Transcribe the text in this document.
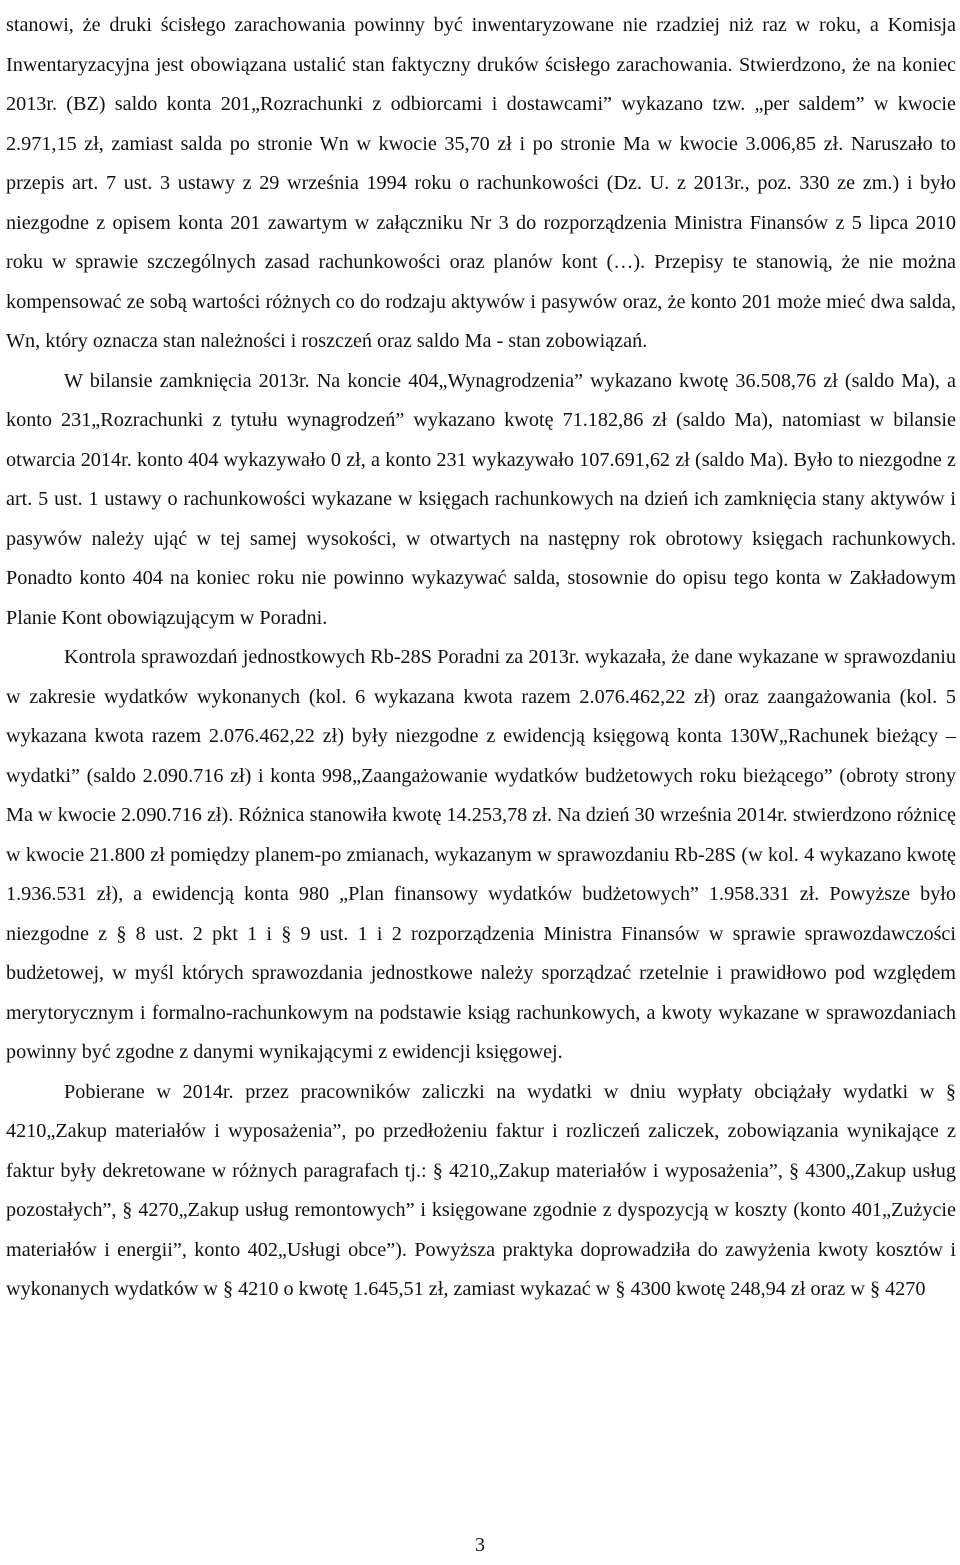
stanowi, że druki ścisłego zarachowania powinny być inwentaryzowane nie rzadziej niż raz w roku, a Komisja Inwentaryzacyjna jest obowiązana ustalić stan faktyczny druków ścisłego zarachowania. Stwierdzono, że na koniec 2013r. (BZ) saldo konta 201„Rozrachunki z odbiorcami i dostawcami” wykazano tzw. „per saldem” w kwocie 2.971,15 zł, zamiast salda po stronie Wn w kwocie 35,70 zł i po stronie Ma w kwocie 3.006,85 zł. Naruszało to przepis art. 7 ust. 3 ustawy z 29 września 1994 roku o rachunkowości (Dz. U. z 2013r., poz. 330 ze zm.) i było niezgodne z opisem konta 201 zawartym w załączniku Nr 3 do rozporządzenia Ministra Finansów z 5 lipca 2010 roku w sprawie szczególnych zasad rachunkowości oraz planów kont (…). Przepisy te stanowią, że nie można kompensować ze sobą wartości różnych co do rodzaju aktywów i pasywów oraz, że konto 201 może mieć dwa salda, Wn, który oznacza stan należności i roszczeń oraz saldo Ma - stan zobowiązań.

W bilansie zamknięcia 2013r. Na koncie 404„Wynagrodzenia” wykazano kwotę 36.508,76 zł (saldo Ma), a konto 231„Rozrachunki z tytułu wynagrodzeń” wykazano kwotę 71.182,86 zł (saldo Ma), natomiast w bilansie otwarcia 2014r. konto 404 wykazywało 0 zł, a konto 231 wykazywało 107.691,62 zł (saldo Ma). Było to niezgodne z art. 5 ust. 1 ustawy o rachunkowości wykazane w księgach rachunkowych na dzień ich zamknięcia stany aktywów i pasywów należy ująć w tej samej wysokości, w otwartych na następny rok obrotowy księgach rachunkowych. Ponadto konto 404 na koniec roku nie powinno wykazywać salda, stosownie do opisu tego konta w Zakładowym Planie Kont obowiązującym w Poradni.

Kontrola sprawozdań jednostkowych Rb-28S Poradni za 2013r. wykazała, że dane wykazane w sprawozdaniu w zakresie wydatków wykonanych (kol. 6 wykazana kwota razem 2.076.462,22 zł) oraz zaangażowania (kol. 5 wykazana kwota razem 2.076.462,22 zł) były niezgodne z ewidencją księgową konta 130W„Rachunek bieżący –wydatki” (saldo 2.090.716 zł) i konta 998„Zaangażowanie wydatków budżetowych roku bieżącego” (obroty strony Ma w kwocie 2.090.716 zł). Różnica stanowiła kwotę 14.253,78 zł. Na dzień 30 września 2014r. stwierdzono różnicę w kwocie 21.800 zł pomiędzy planem-po zmianach, wykazanym w sprawozdaniu Rb-28S (w kol. 4 wykazano kwotę 1.936.531 zł), a ewidencją konta 980 „Plan finansowy wydatków budżetowych” 1.958.331 zł. Powyższe było niezgodne z § 8 ust. 2 pkt 1 i § 9 ust. 1 i 2 rozporządzenia Ministra Finansów w sprawie sprawozdawczości budżetowej, w myśl których sprawozdania jednostkowe należy sporządzać rzetelnie i prawidłowo pod względem merytorycznym i formalno-rachunkowym na podstawie ksiąg rachunkowych, a kwoty wykazane w sprawozdaniach powinny być zgodne z danymi wynikającymi z ewidencji księgowej.

Pobierane w 2014r. przez pracowników zaliczki na wydatki w dniu wypłaty obciążały wydatki w § 4210„Zakup materiałów i wyposażenia”, po przedłożeniu faktur i rozliczeń zaliczek, zobowiązania wynikające z faktur były dekretowane w różnych paragrafach tj.: § 4210„Zakup materiałów i wyposażenia”, § 4300„Zakup usług pozostałych”, § 4270„Zakup usług remontowych” i księgowane zgodnie z dyspozycją w koszty (konto 401„Zużycie materiałów i energii”, konto 402„Usługi obce”). Powyższa praktyka doprowadziła do zawyżenia kwoty kosztów i wykonanych wydatków w § 4210 o kwotę 1.645,51 zł, zamiast wykazać w § 4300 kwotę 248,94 zł oraz w § 4270

3
